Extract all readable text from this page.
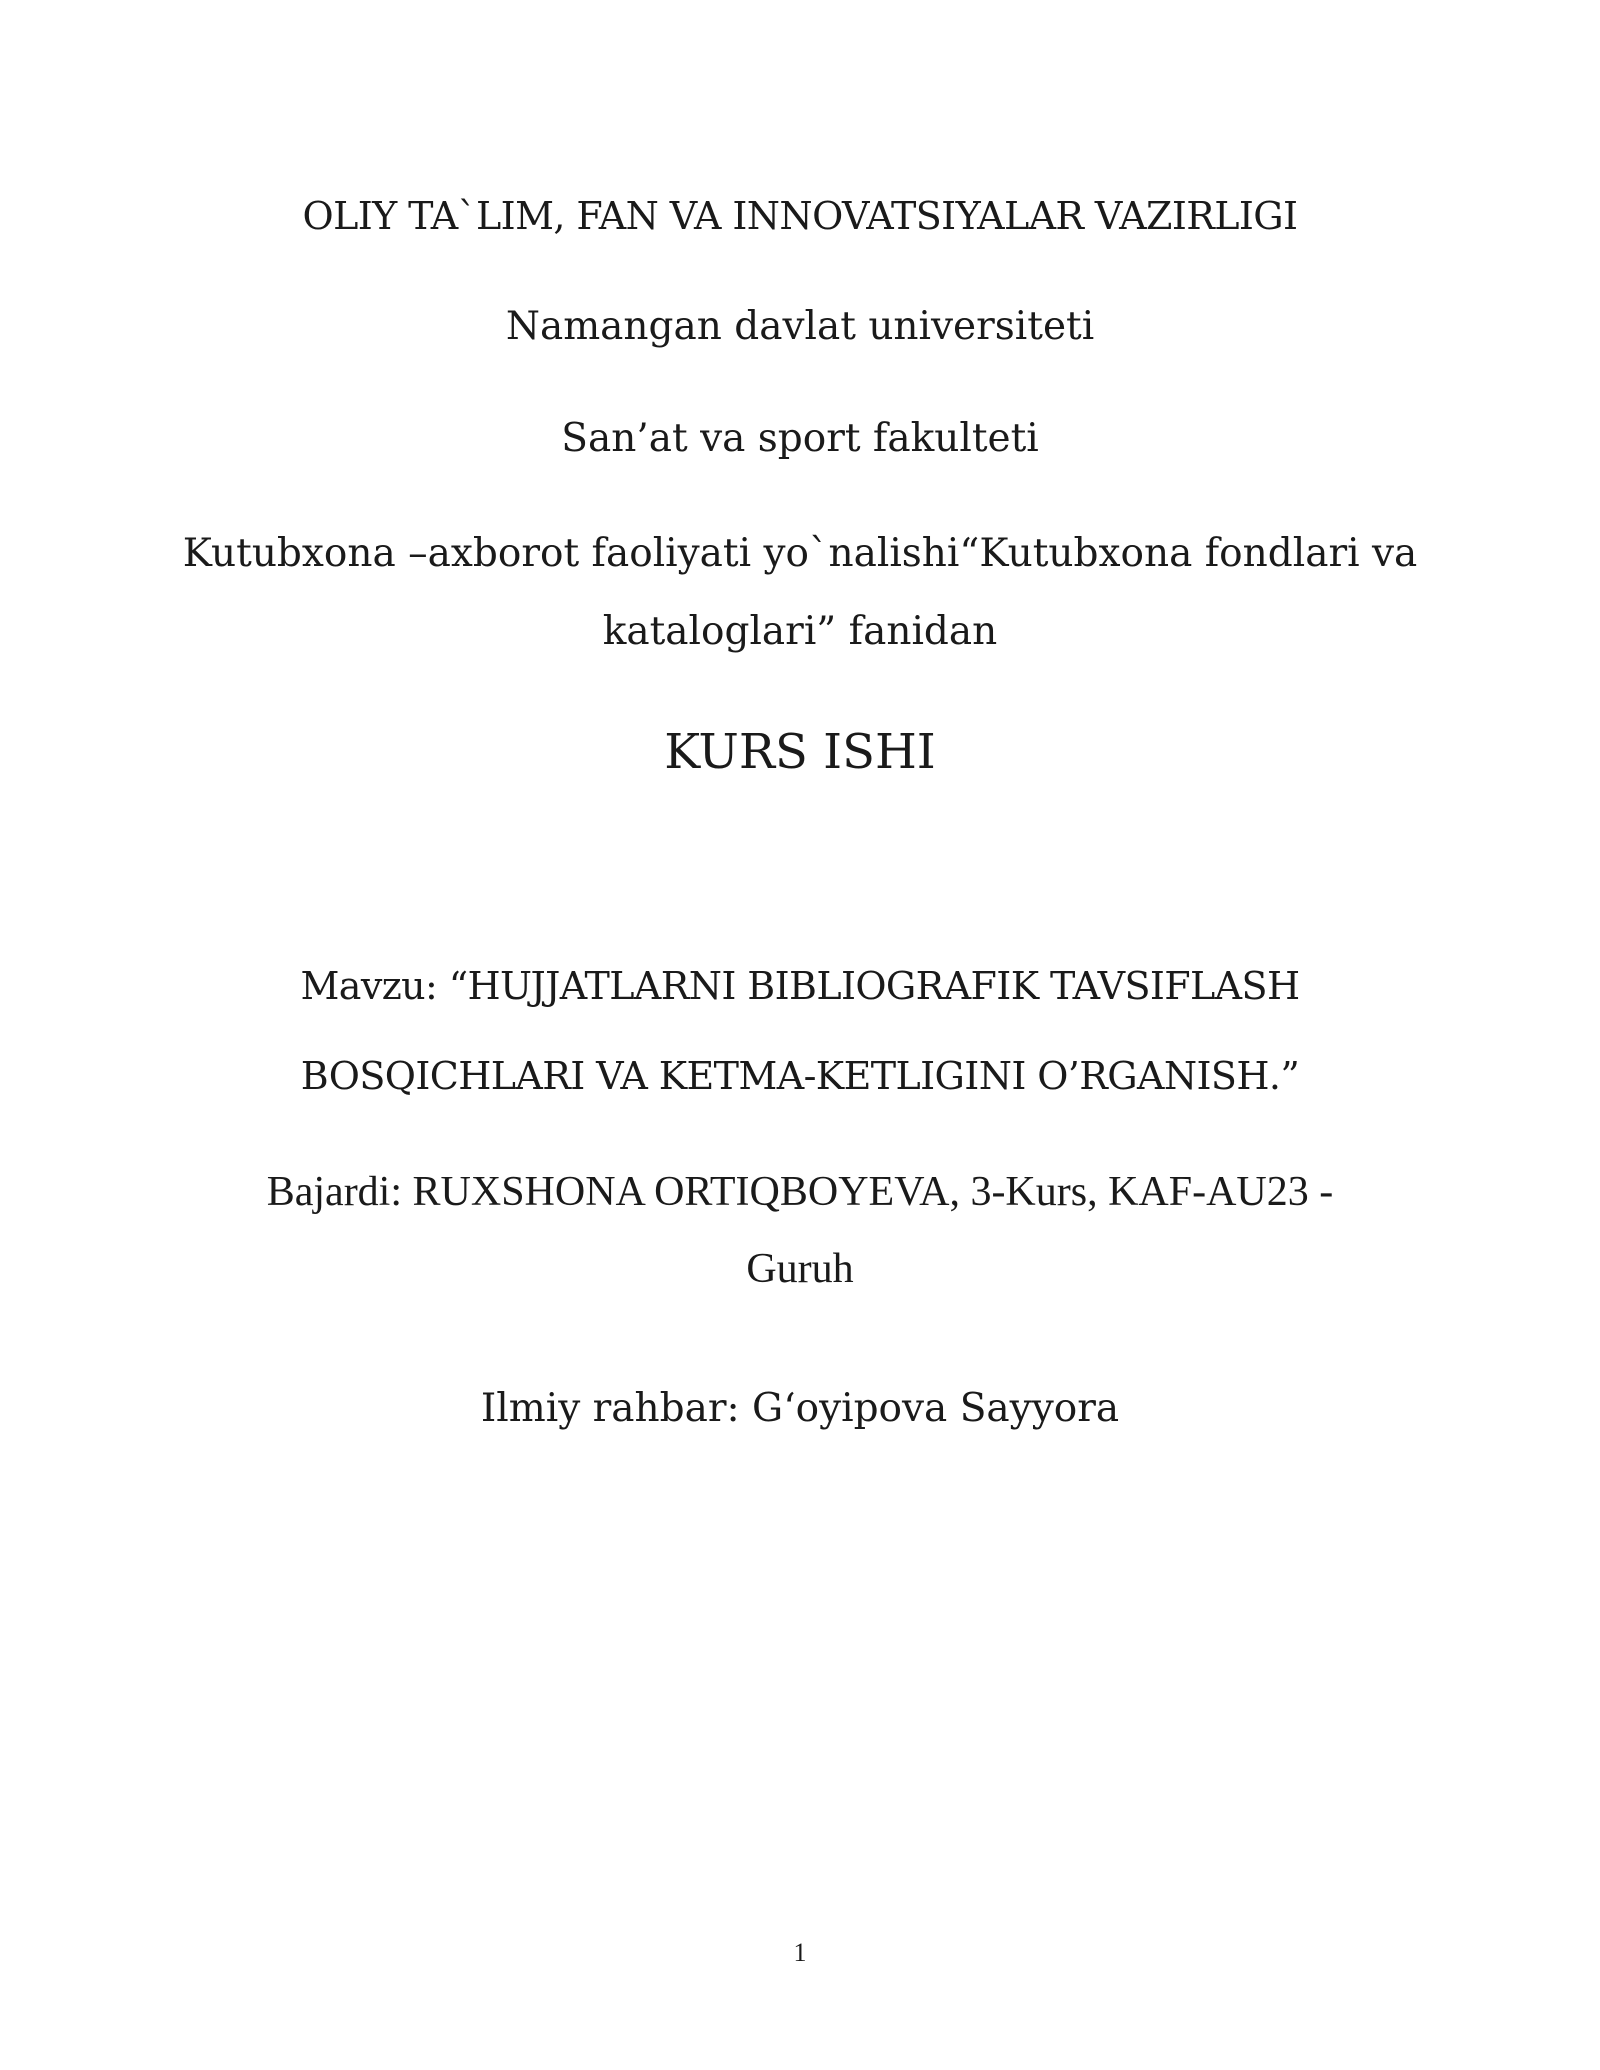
OLIY TA`LIM, FAN VA INNOVATSIYALAR VAZIRLIGI
Namangan davlat universiteti
San’at va sport fakulteti
Kutubxona –axborot faoliyati yo`nalishi“Kutubxona fondlari va
kataloglari” fanidan
KURS ISHI
Mavzu: “HUJJATLARNI BIBLIOGRAFIK TAVSIFLASH
BOSQICHLARI VA KETMA-KETLIGINI O’RGANISH.”
Bajardi: RUXSHONA ORTIQBOYEVA, 3-Kurs, KAF-AU23 -
Guruh
Ilmiy rahbar: G‘oyipova Sayyora
1
